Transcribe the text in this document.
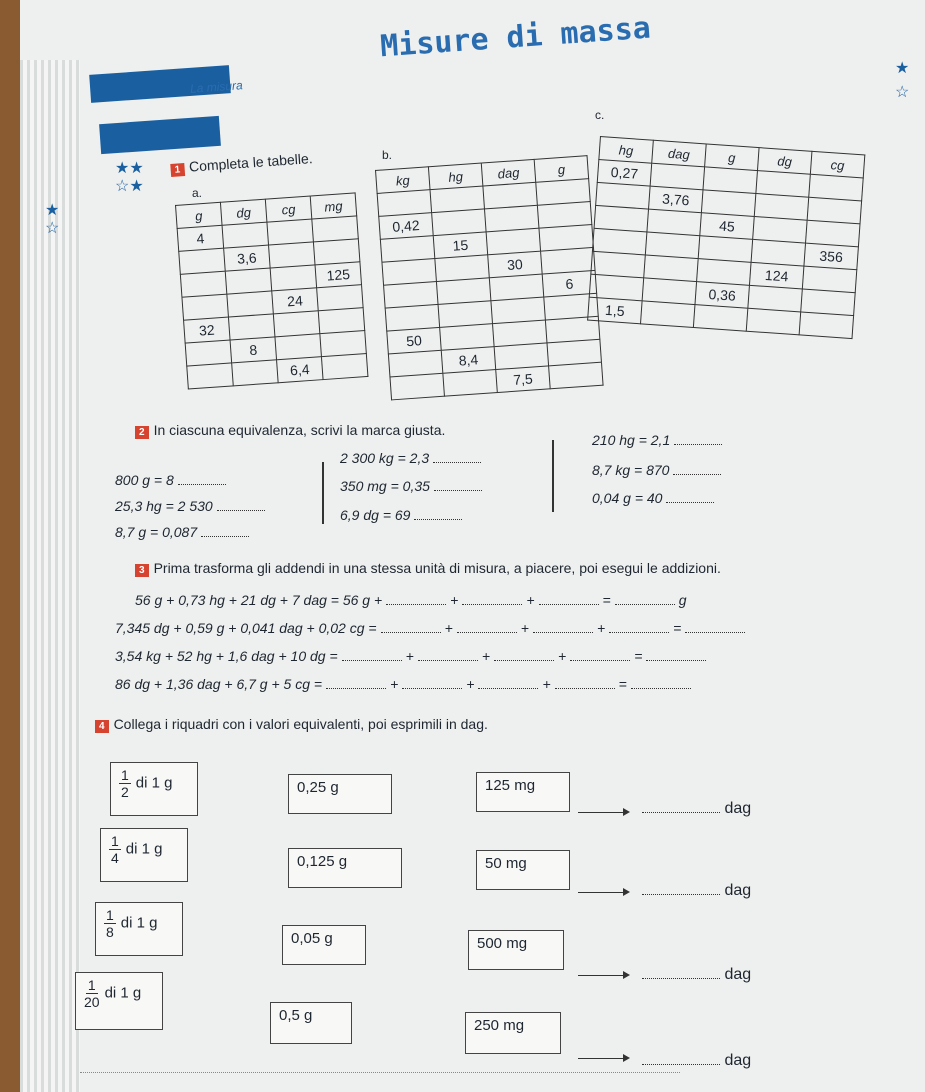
La misura
Misure di massa
★★
☆★
★
☆
★
☆
1 Completa le tabelle.
a.
g	dg	cg	mg
4			
	3,6		
			125
		24	
32			
	8		
		6,4	
b.
kg	hg	dag	g

0,42			
	15		
		30	
			6

50			
	8,4		
		7,5	
c.
hg	dag	g	dg	cg
0,27				
	3,76			
		45		
				356
			124	
		0,36		
1,5				
2 In ciascuna equivalenza, scrivi la marca giusta.
800 g = 8
25,3 hg = 2 530
8,7 g = 0,087
2 300 kg = 2,3
350 mg = 0,35
6,9 dg = 69
210 hg = 2,1
8,7 kg = 870
0,04 g = 40
3 Prima trasforma gli addendi in una stessa unità di misura, a piacere, poi esegui le addizioni.
56 g + 0,73 hg + 21 dg + 7 dag = 56 g +	+	+	=	g
7,345 dg + 0,59 g + 0,041 dag + 0,02 cg =	+	+	+	=
3,54 kg + 52 hg + 1,6 dag + 10 dg =	+	+	+	=
86 dg + 1,36 dag + 6,7 g + 5 cg =	+	+	+	=
4 Collega i riquadri con i valori equivalenti, poi esprimili in dag.
$\frac{1}{2}$ di 1 g	0,25 g	125 mg
dag
$\frac{1}{4}$ di 1 g
0,125 g	50 mg
dag
$\frac{1}{8}$ di 1 g
0,05 g	500 mg
dag
$\frac{1}{20}$ di 1 g
0,5 g
250 mg
dag
